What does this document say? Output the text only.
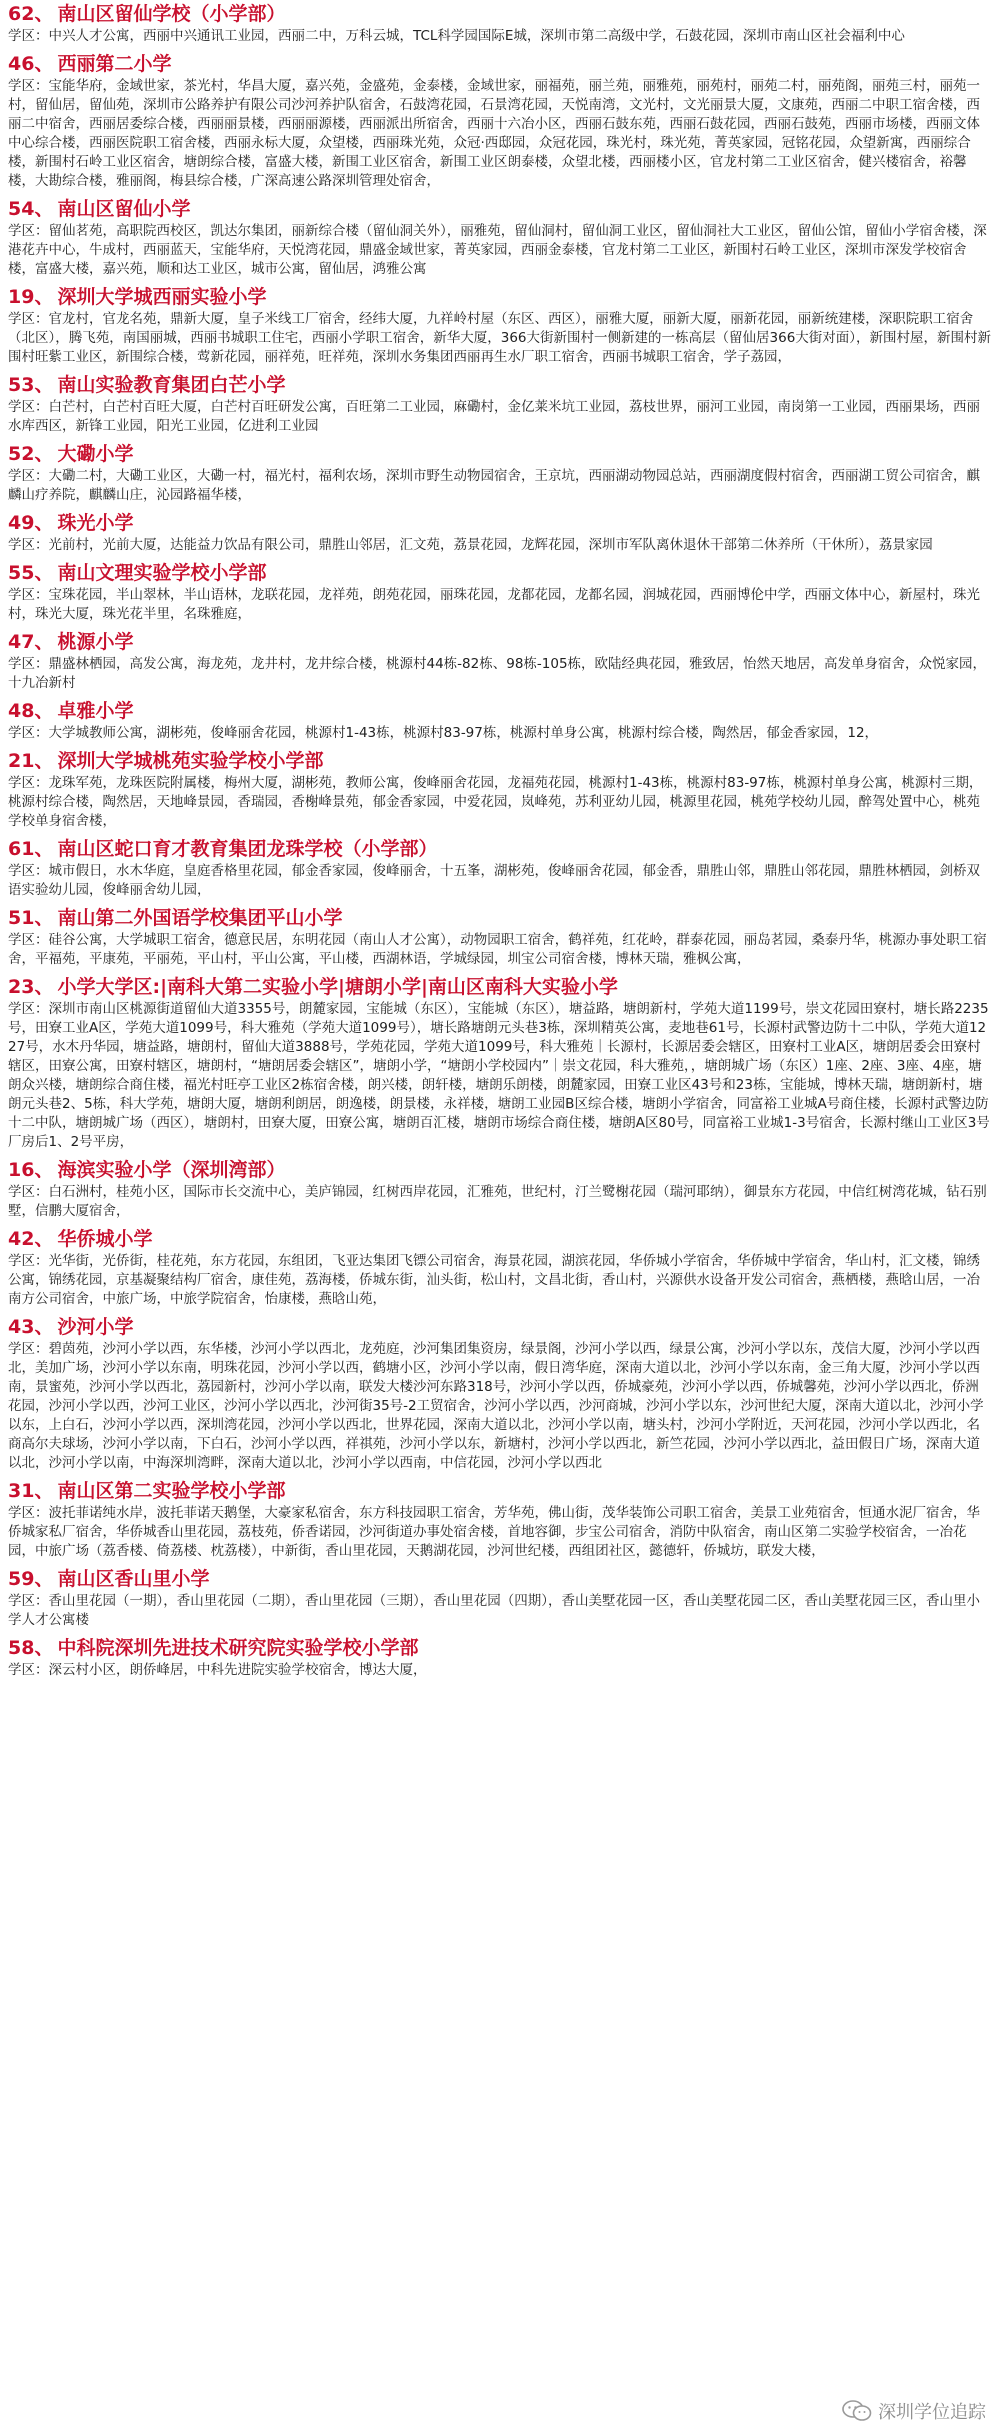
62 、 南山区留仙学校（小学部）
学区：中兴人才公寓，西丽中兴通讯工业园，西丽二中，万科云城，TCL科学园国际E城，深圳市第二高级中学，石鼓花园，深圳市南山区社会福利中心
46 、 西丽第二小学
学区：宝能华府，金域世家，茶光村，华昌大厦，嘉兴苑，金盛苑，金泰楼，金域世家，丽福苑，丽兰苑，丽雅苑，丽苑村，丽苑二村，丽苑阁，丽苑三村，丽苑一村，留仙居，留仙苑，深圳市公路养护有限公司沙河养护队宿舍，石鼓湾花园，石景湾花园，天悦南湾，文光村，文光丽景大厦，文康苑，西丽二中职工宿舍楼，西丽二中宿舍，西丽居委综合楼，西丽丽景楼，西丽丽源楼，西丽派出所宿舍，西丽十六冶小区，西丽石鼓东苑，西丽石鼓花园，西丽石鼓苑，西丽市场楼，西丽文体中心综合楼，西丽医院职工宿舍楼，西丽永标大厦，众望楼，西丽珠光苑，众冠·西邸园，众冠花园，珠光村，珠光苑，菁英家园，冠铭花园，众望新寓，西丽综合楼，新围村石岭工业区宿舍，塘朗综合楼，富盛大楼，新围工业区宿舍，新围工业区朗泰楼，众望北楼，西丽楼小区，官龙村第二工业区宿舍，健兴楼宿舍，裕馨楼，大勘综合楼，雅丽阁，梅县综合楼，广深高速公路深圳管理处宿舍，
54 、 南山区留仙小学
学区：留仙茗苑，高职院西校区，凯达尔集团，丽新综合楼（留仙洞关外），丽雅苑，留仙洞村，留仙洞工业区，留仙洞社大工业区，留仙公馆，留仙小学宿舍楼，深港花卉中心，牛成村，西丽蓝天，宝能华府，天悦湾花园，鼎盛金域世家，菁英家园，西丽金泰楼，官龙村第二工业区，新围村石岭工业区，深圳市深发学校宿舍楼，富盛大楼，嘉兴苑，顺和达工业区，城市公寓，留仙居，鸿雅公寓
19 、 深圳大学城西丽实验小学
学区：官龙村，官龙名苑，鼎新大厦，皇子米线工厂宿舍，经纬大厦，九祥岭村屋（东区、西区），丽雅大厦，丽新大厦，丽新花园，丽新统建楼，深职院职工宿舍（北区），腾飞苑，南国丽城，西丽书城职工住宅，西丽小学职工宿舍，新华大厦，366大街新围村一侧新建的一栋高层（留仙居366大街对面），新围村屋，新围村新围村旺紫工业区，新围综合楼，莺新花园，丽祥苑，旺祥苑，深圳水务集团西丽再生水厂职工宿舍，西丽书城职工宿舍，学子荔园，
53 、 南山实验教育集团白芒小学
学区：白芒村，白芒村百旺大厦，白芒村百旺研发公寓，百旺第二工业园，麻磡村，金亿莱米坑工业园，荔枝世界，丽河工业园，南岗第一工业园，西丽果场，西丽水库西区，新锋工业园，阳光工业园，亿进利工业园
52 、 大磡小学
学区：大磡二村，大磡工业区，大磡一村，福光村，福利农场，深圳市野生动物园宿舍，王京坑，西丽湖动物园总站，西丽湖度假村宿舍，西丽湖工贸公司宿舍，麒麟山疗养院，麒麟山庄，沁园路福华楼，
49 、 珠光小学
学区：光前村，光前大厦，达能益力饮品有限公司，鼎胜山邻居，汇文苑，荔景花园，龙辉花园，深圳市军队离休退休干部第二休养所（干休所），荔景家园
55 、 南山文理实验学校小学部
学区：宝珠花园，半山翠林，半山语林，龙联花园，龙祥苑，朗苑花园，丽珠花园，龙都花园，龙都名园，润城花园，西丽博伦中学，西丽文体中心，新屋村，珠光村，珠光大厦，珠光花半里，名珠雅庭，
47 、 桃源小学
学区：鼎盛林栖园，高发公寓，海龙苑，龙井村，龙井综合楼，桃源村44栋-82栋、98栋-105栋，欧陆经典花园，雅致居，怡然天地居，高发单身宿舍，众悦家园，十九冶新村
48 、 卓雅小学
学区：大学城教师公寓，湖彬苑，俊峰丽舍花园，桃源村1-43栋，桃源村83-97栋，桃源村单身公寓，桃源村综合楼，陶然居，郁金香家园，12，
21 、 深圳大学城桃苑实验学校小学部
学区：龙珠军苑，龙珠医院附属楼，梅州大厦，湖彬苑，教师公寓，俊峰丽舍花园，龙福苑花园，桃源村1-43栋，桃源村83-97栋，桃源村单身公寓，桃源村三期，桃源村综合楼，陶然居，天地峰景园，香瑞园，香榭峰景苑，郁金香家园，中爱花园，岚峰苑，苏利亚幼儿园，桃源里花园，桃苑学校幼儿园，醉驾处置中心，桃苑学校单身宿舍楼，
61 、 南山区蛇口育才教育集团龙珠学校（小学部）
学区：城市假日，水木华庭，皇庭香格里花园，郁金香家园，俊峰丽舍，十五峯，湖彬苑，俊峰丽舍花园，郁金香，鼎胜山邻，鼎胜山邻花园，鼎胜林栖园，剑桥双语实验幼儿园，俊峰丽舍幼儿园，
51 、 南山第二外国语学校集团平山小学
学区：硅谷公寓，大学城职工宿舍，德意民居，东明花园（南山人才公寓），动物园职工宿舍，鹤祥苑，红花岭，群泰花园，丽岛茗园，桑泰丹华，桃源办事处职工宿舍，平福苑，平康苑，平丽苑，平山村，平山公寓，平山楼，西湖林语，学城绿园，圳宝公司宿舍楼，博林天瑞，雅枫公寓，
23 、 小学大学区:|南科大第二实验小学|塘朗小学|南山区南科大实验小学
学区：深圳市南山区桃源街道留仙大道3355号，朗麓家园，宝能城（东区），宝能城（东区），塘益路，塘朗新村，学苑大道1199号，崇文花园田寮村，塘长路2235号，田寮工业A区，学苑大道1099号，科大雅苑（学苑大道1099号），塘长路塘朗元头巷3栋，深圳精英公寓，麦地巷61号，长源村武警边防十二中队，学苑大道1227号，水木丹华园，塘益路，塘朗村，留仙大道3888号，学苑花园，学苑大道1099号，科大雅苑｜长源村，长源居委会辖区，田寮村工业A区，塘朗居委会田寮村辖区，田寮公寓，田寮村辖区，塘朗村，“塘朗居委会辖区”，塘朗小学，“塘朗小学校园内”｜崇文花园，科大雅苑，，塘朗城广场（东区）1座、2座、3座、4座，塘朗众兴楼，塘朗综合商住楼，福光村旺亭工业区2栋宿舍楼，朗兴楼，朗轩楼，塘朗乐朗楼，朗麓家园，田寮工业区43号和23栋，宝能城，博林天瑞，塘朗新村，塘朗元头巷2、5栋，科大学苑，塘朗大厦，塘朗利朗居，朗逸楼，朗景楼，永祥楼，塘朗工业园B区综合楼，塘朗小学宿舍，同富裕工业城A号商住楼，长源村武警边防十二中队，塘朗城广场（西区），塘朗村，田寮大厦，田寮公寓，塘朗百汇楼，塘朗市场综合商住楼，塘朗A区80号，同富裕工业城1-3号宿舍，长源村继山工业区3号厂房后1、2号平房，
16 、 海滨实验小学（深圳湾部）
学区：白石洲村，桂苑小区，国际市长交流中心，美庐锦园，红树西岸花园，汇雅苑，世纪村，汀兰鹭榭花园（瑞河耶纳），御景东方花园，中信红树湾花城，钻石别墅，信鹏大厦宿舍，
42 、 华侨城小学
学区：光华街，光侨街，桂花苑，东方花园，东组团，飞亚达集团飞镖公司宿舍，海景花园，湖滨花园，华侨城小学宿舍，华侨城中学宿舍，华山村，汇文楼，锦绣公寓，锦绣花园，京基凝聚结构厂宿舍，康佳苑，荔海楼，侨城东街，汕头街，松山村，文昌北街，香山村，兴源供水设备开发公司宿舍，燕栖楼，燕晗山居，一冶南方公司宿舍，中旅广场，中旅学院宿舍，怡康楼，燕晗山苑，
43 、 沙河小学
学区：碧茵苑，沙河小学以西，东华楼，沙河小学以西北，龙苑庭，沙河集团集资房，绿景阁，沙河小学以西，绿景公寓，沙河小学以东，茂信大厦，沙河小学以西北，美加广场，沙河小学以东南，明珠花园，沙河小学以西，鹤塘小区，沙河小学以南，假日湾华庭，深南大道以北，沙河小学以东南，金三角大厦，沙河小学以西南，景蜜苑，沙河小学以西北，荔园新村，沙河小学以南，联发大楼沙河东路318号，沙河小学以西，侨城豪苑，沙河小学以西，侨城馨苑，沙河小学以西北，侨洲花园，沙河小学以西，沙河工业区，沙河小学以西北，沙河街35号-2工贸宿舍，沙河小学以西，沙河商城，沙河小学以东，沙河世纪大厦，深南大道以北，沙河小学以东，上白石，沙河小学以西，深圳湾花园，沙河小学以西北，世界花园，深南大道以北，沙河小学以南，塘头村，沙河小学附近，天河花园，沙河小学以西北，名商高尔夫球场，沙河小学以南，下白石，沙河小学以西，祥祺苑，沙河小学以东，新塘村，沙河小学以西北，新竺花园，沙河小学以西北，益田假日广场，深南大道以北，沙河小学以南，中海深圳湾畔，深南大道以北，沙河小学以西南，中信花园，沙河小学以西北
31 、 南山区第二实验学校小学部
学区：波托菲诺纯水岸，波托菲诺天鹅堡，大豪家私宿舍，东方科技园职工宿舍，芳华苑，佛山街，茂华装饰公司职工宿舍，美景工业苑宿舍，恒通水泥厂宿舍，华侨城家私厂宿舍，华侨城香山里花园，荔枝苑，侨香诺园，沙河街道办事处宿舍楼，首地容御，步宝公司宿舍，消防中队宿舍，南山区第二实验学校宿舍，一冶花园，中旅广场（荔香楼、倚荔楼、枕荔楼），中新街，香山里花园，天鹅湖花园，沙河世纪楼，西组团社区，懿德轩，侨城坊，联发大楼，
59 、 南山区香山里小学
学区：香山里花园（一期），香山里花园（二期），香山里花园（三期），香山里花园（四期），香山美墅花园一区，香山美墅花园二区，香山美墅花园三区，香山里小学人才公寓楼
58 、 中科院深圳先进技术研究院实验学校小学部
学区：深云村小区，朗侨峰居，中科先进院实验学校宿舍，博达大厦，
深圳学位追踪
